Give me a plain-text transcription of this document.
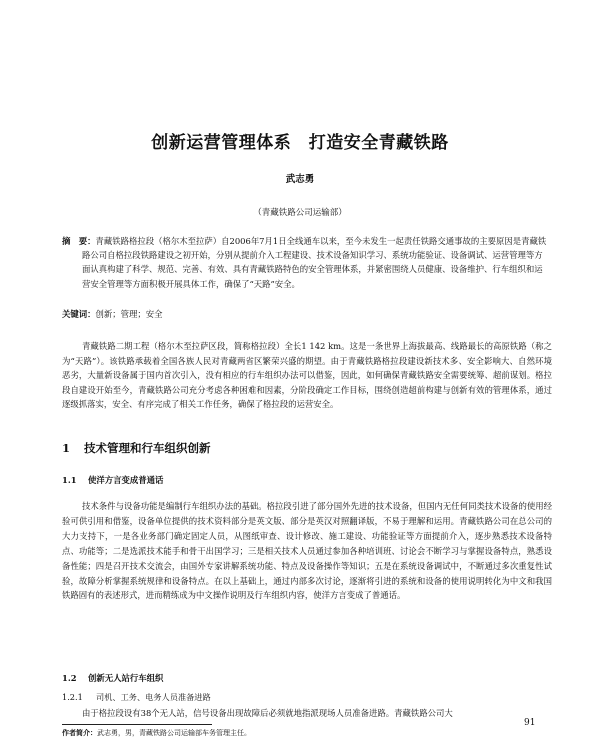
创新运营管理体系　打造安全青藏铁路
武志勇
（青藏铁路公司运输部）
摘　要：青藏铁路格拉段（格尔木至拉萨）自2006年7月1日全线通车以来，至今未发生一起责任铁路交通事故的主要原因是青藏铁路公司自格拉段铁路建设之初开始，分别从提前介入工程建设、技术设备知识学习、系统功能验证、设备调试、运营管理等方面认真构建了科学、规范、完善、有效、具有青藏铁路特色的安全管理体系，并紧密围绕人员健康、设备维护、行车组织和运营安全管理等方面积极开展具体工作，确保了“天路”安全。
关键词：创新；管理；安全
青藏铁路二期工程（格尔木至拉萨区段，简称格拉段）全长1 142 km。这是一条世界上海拔最高、线路最长的高原铁路（称之为“天路”）。该铁路承载着全国各族人民对青藏两省区繁荣兴盛的期望。由于青藏铁路格拉段建设新技术多、安全影响大、自然环境恶劣，大量新设备属于国内首次引入，没有相应的行车组织办法可以借鉴，因此，如何确保青藏铁路安全需要统筹、超前谋划。格拉段自建设开始至今，青藏铁路公司充分考虑各种困难和因素，分阶段确定工作目标，围绕创造超前构建与创新有效的管理体系，通过逐级抓落实，安全、有序完成了相关工作任务，确保了格拉段的运营安全。
1 技术管理和行车组织创新
1.1 使洋方言变成普通话
技术条件与设备功能是编制行车组织办法的基础。格拉段引进了部分国外先进的技术设备，但国内无任何同类技术设备的使用经验可供引用和借鉴，设备单位提供的技术资料部分是英文版、部分是英汉对照翻译版，不易于理解和运用。青藏铁路公司在总公司的大力支持下，一是各业务部门确定固定人员，从图纸审查、设计修改、施工建设、功能验证等方面提前介入，逐步熟悉技术设备特点、功能等；二是选派技术能手和骨干出国学习；三是相关技术人员通过参加各种培训班、讨论会不断学习与掌握设备特点，熟悉设备性能；四是召开技术交流会，由国外专家讲解系统功能、特点及设备操作等知识；五是在系统设备调试中，不断通过多次重复性试验，故障分析掌握系统规律和设备特点。在以上基础上，通过内部多次讨论，逐渐将引进的系统和设备的使用说明转化为中文和我国铁路固有的表述形式，进而精练成为中文操作说明及行车组织内容，使洋方言变成了普通话。
1.2 创新无人站行车组织
1.2.1 司机、工务、电务人员准备进路
由于格拉段设有38个无人站，信号设备出现故障后必须就地指派现场人员准备进路。青藏铁路公司大
作者简介：武志勇，男，青藏铁路公司运输部车务管理主任。
91
